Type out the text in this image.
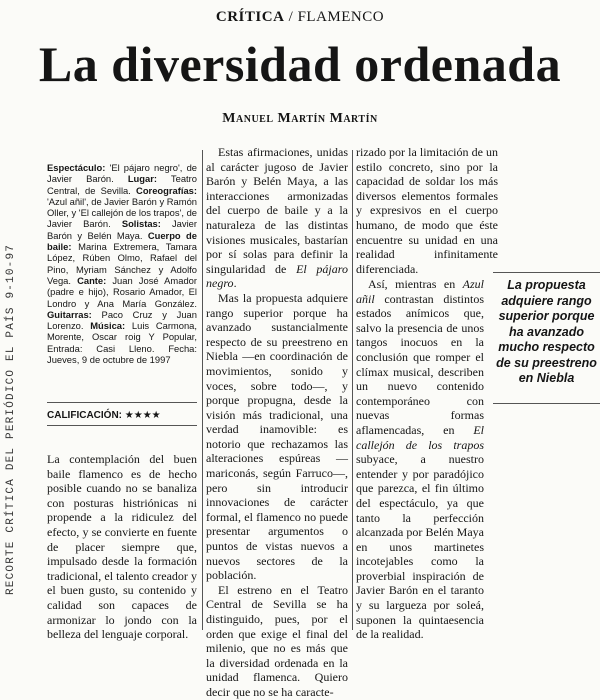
CRÍTICA / FLAMENCO
La diversidad ordenada
Manuel Martín Martín
RECORTE CRÍTICA DEL PERIÓDICO EL PAÍS 9-10-97
Espectáculo: 'El pájaro negro', de Javier Barón. Lugar: Teatro Central, de Sevilla. Coreografías: 'Azul añil', de Javier Barón y Ramón Oller, y 'El callejón de los trapos', de Javier Barón. Solistas: Javier Barón y Belén Maya. Cuerpo de baile: Marina Extremera, Tamara López, Rúben Olmo, Rafael del Pino, Myriam Sánchez y Adolfo Vega. Cante: Juan José Amador (padre e hijo), Rosario Amador, El Londro y Ana María González. Guitarras: Paco Cruz y Juan Lorenzo. Música: Luis Carmona, Morente, Oscar roig Y Popular, Entrada: Casi Lleno. Fecha: Jueves, 9 de octubre de 1997
CALIFICACIÓN: ★★★★

La contemplación del buen baile flamenco es de hecho posible cuando no se banaliza con posturas histriónicas ni propende a la ridiculez del efecto, y se convierte en fuente de placer siempre que, impulsado desde la formación tradicional, el talento creador y el buen gusto, su contenido y calidad son capaces de armonizar lo jondo con la belleza del lenguaje corporal.

Estas afirmaciones, unidas al carácter jugoso de Javier Barón y Belén Maya, a las interacciones armonizadas del cuerpo de baile y a la naturaleza de las distintas visiones musicales, bastarían por sí solas para definir la singularidad de El pájaro negro.

Mas la propuesta adquiere rango superior porque ha avanzado sustancialmente respecto de su preestreno en Niebla —en coordinación de movimientos, sonido y voces, sobre todo—, y porque propugna, desde la visión más tradicional, una verdad inamovible: es notorio que rechazamos las alteraciones espúreas —mariconás, según Farruco—, pero sin introducir innovaciones de carácter formal, el flamenco no puede presentar argumentos o puntos de vistas nuevos a nuevos sectores de la población.

El estreno en el Teatro Central de Sevilla se ha distinguido, pues, por el orden que exige el final del milenio, que no es más que la diversidad ordenada en la unidad flamenca. Quiero decir que no se ha caracte-

rizado por la limitación de un estilo concreto, sino por la capacidad de soldar los más diversos elementos formales y expresivos en el cuerpo humano, de modo que éste encuentre su unidad en una realidad infinitamente diferenciada.

Así, mientras en Azul añil contrastan distintos estados anímicos que, salvo la presencia de unos tangos inocuos en la conclusión que romper el clímax musical, describen un nuevo contenido contemporáneo con nuevas formas aflamencadas, en El callejón de los trapos subyace, a nuestro entender y por paradójico que parezca, el fin último del espectáculo, ya que tanto la perfección alcanzada por Belén Maya en unos martinetes incotejables como la proverbial inspiración de Javier Barón en el taranto y su largueza por soleá, suponen la quintaesencia de la realidad.

La propuesta adquiere rango superior porque ha avanzado mucho respecto de su preestreno en Niebla
